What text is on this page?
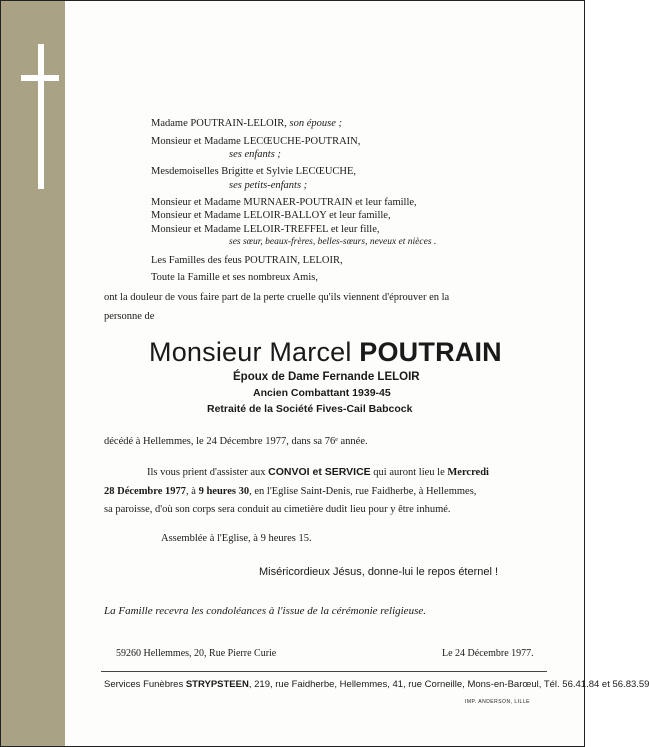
Madame POUTRAIN-LELOIR, son épouse ;
Monsieur et Madame LECŒUCHE-POUTRAIN,
ses enfants ;
Mesdemoiselles Brigitte et Sylvie LECŒUCHE,
ses petits-enfants ;
Monsieur et Madame MURNAER-POUTRAIN et leur famille,
Monsieur et Madame LELOIR-BALLOY et leur famille,
Monsieur et Madame LELOIR-TREFFEL et leur fille,
ses sœur, beaux-frères, belles-sœurs, neveux et nièces .
Les Familles des feus POUTRAIN, LELOIR,
Toute la Famille et ses nombreux Amis,
ont la douleur de vous faire part de la perte cruelle qu'ils viennent d'éprouver en la
personne de
Monsieur Marcel POUTRAIN
Époux de Dame Fernande LELOIR
Ancien Combattant 1939-45
Retraité de la Société Fives-Cail Babcock
décédé à Hellemmes, le 24 Décembre 1977, dans sa 76ᵉ année.
Ils vous prient d'assister aux CONVOI et SERVICE qui auront lieu le Mercredi
28 Décembre 1977, à 9 heures 30, en l'Eglise Saint-Denis, rue Faidherbe, à Hellemmes,
sa paroisse, d'où son corps sera conduit au cimetière dudit lieu pour y être inhumé.
Assemblée à l'Eglise, à 9 heures 15.
Miséricordieux Jésus, donne-lui le repos éternel !
La Famille recevra les condoléances à l'issue de la cérémonie religieuse.
59260 Hellemmes, 20, Rue Pierre Curie	Le 24 Décembre 1977.
Services Funèbres STRYPSTEEN, 219, rue Faidherbe, Hellemmes, 41, rue Corneille, Mons-en-Barœul, Tél. 56.41.84 et 56.83.59
IMP. ANDERSON, LILLE
